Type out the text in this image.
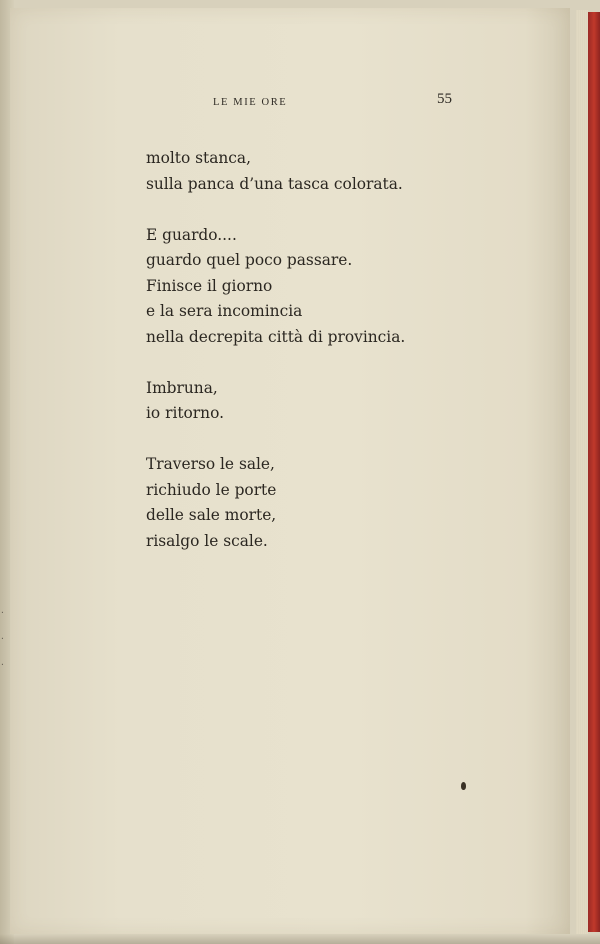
·
·
·
LE MIE ORE	55
molto stanca,
sulla panca d’una tasca colorata.
E guardo....
guardo quel poco passare.
Finisce il giorno
e la sera incomincia
nella decrepita città di provincia.
Imbruna,
io ritorno.
Traverso le sale,
richiudo le porte
delle sale morte,
risalgo le scale.
